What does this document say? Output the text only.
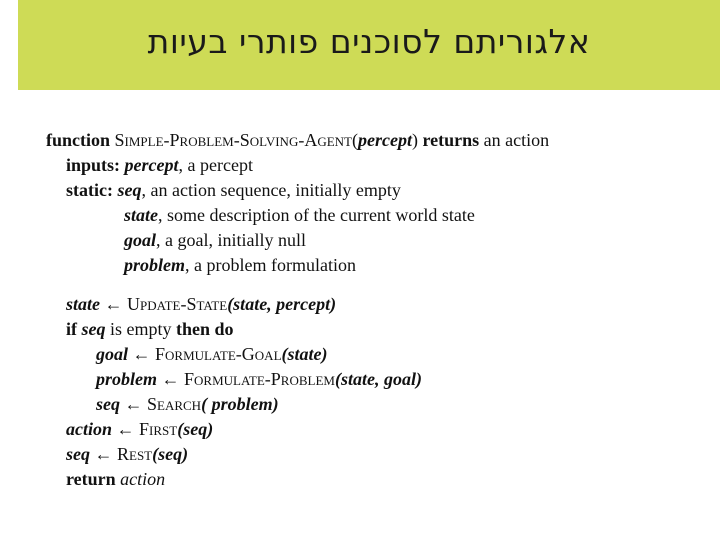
אלגוריתם לסוכנים פותרי בעיות
function Simple-Problem-Solving-Agent(percept) returns an action
inputs: percept, a percept
static: seq, an action sequence, initially empty
state, some description of the current world state
goal, a goal, initially null
problem, a problem formulation
state ← Update-State(state, percept)
if seq is empty then do
goal ← Formulate-Goal(state)
problem ← Formulate-Problem(state, goal)
seq ← Search( problem)
action ← First(seq)
seq ← Rest(seq)
return action
